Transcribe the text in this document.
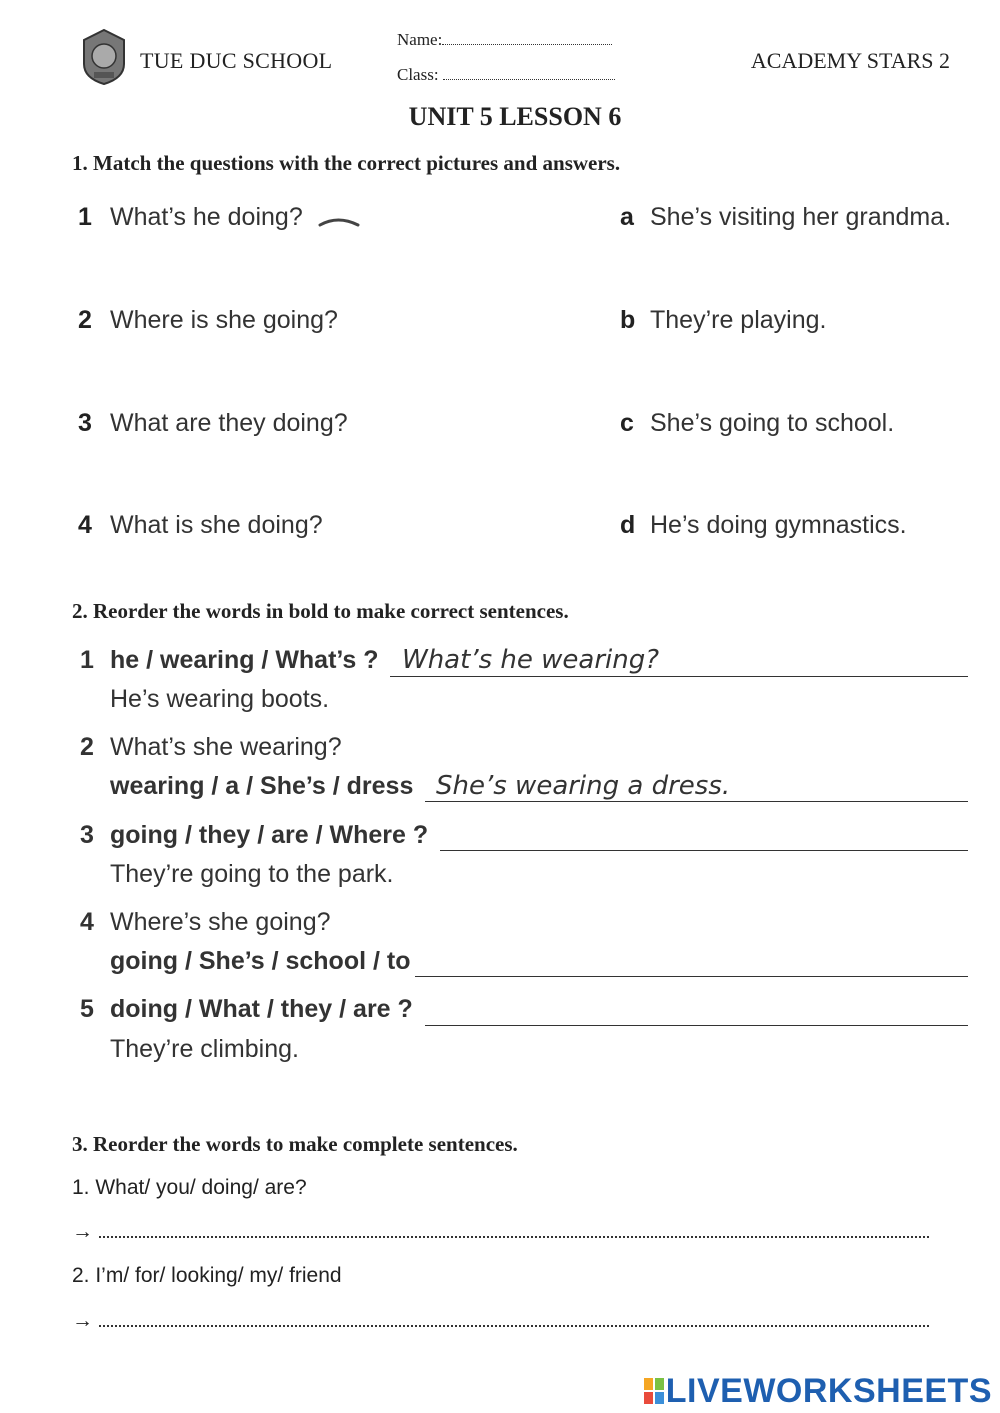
TUE DUC SCHOOL
Name:
Class:
ACADEMY STARS 2
UNIT 5 LESSON 6
1. Match the questions with the correct pictures and answers.
1 What’s he doing?
2 Where is she going?
3 What are they doing?
4 What is she doing?
a She’s visiting her grandma.
b They’re playing.
c She’s going to school.
d He’s doing gymnastics.
2. Reorder the words in bold to make correct sentences.
1 he / wearing / What’s ? What’s he wearing?
He’s wearing boots.
2 What’s she wearing?
wearing / a / She’s / dress She’s wearing a dress.
3 going / they / are / Where ?
They’re going to the park.
4 Where’s she going?
going / She’s / school / to
5 doing / What / they / are ?
They’re climbing.
3. Reorder the words to make complete sentences.
1. What/ you/ doing/ are?
→
2. I’m/ for/ looking/ my/ friend
→
LIVEWORKSHEETS
